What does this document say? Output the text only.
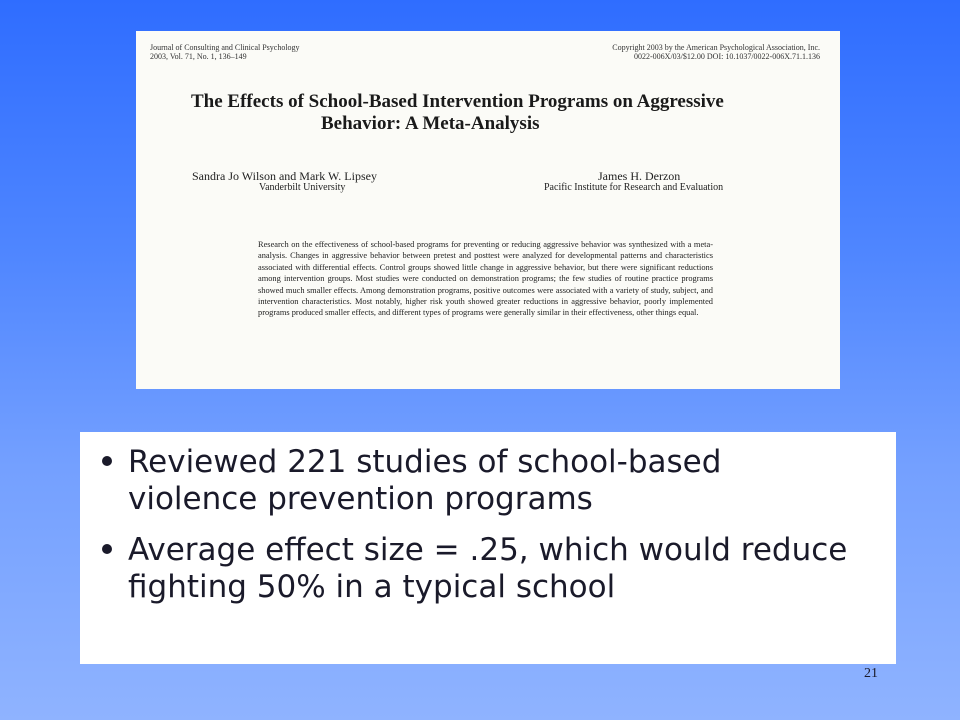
Journal of Consulting and Clinical Psychology
2003, Vol. 71, No. 1, 136–149
Copyright 2003 by the American Psychological Association, Inc.
0022-006X/03/$12.00 DOI: 10.1037/0022-006X.71.1.136
The Effects of School-Based Intervention Programs on Aggressive
Behavior: A Meta-Analysis
Sandra Jo Wilson and Mark W. Lipsey
Vanderbilt University
James H. Derzon
Pacific Institute for Research and Evaluation
Research on the effectiveness of school-based programs for preventing or reducing aggressive behavior was synthesized with a meta-analysis. Changes in aggressive behavior between pretest and posttest were analyzed for developmental patterns and characteristics associated with differential effects. Control groups showed little change in aggressive behavior, but there were significant reductions among intervention groups. Most studies were conducted on demonstration programs; the few studies of routine practice programs showed much smaller effects. Among demonstration programs, positive outcomes were associated with a variety of study, subject, and intervention characteristics. Most notably, higher risk youth showed greater reductions in aggressive behavior, poorly implemented programs produced smaller effects, and different types of programs were generally similar in their effectiveness, other things equal.
Reviewed 221 studies of school-based violence prevention programs
Average effect size = .25, which would reduce fighting 50% in a typical school
21
